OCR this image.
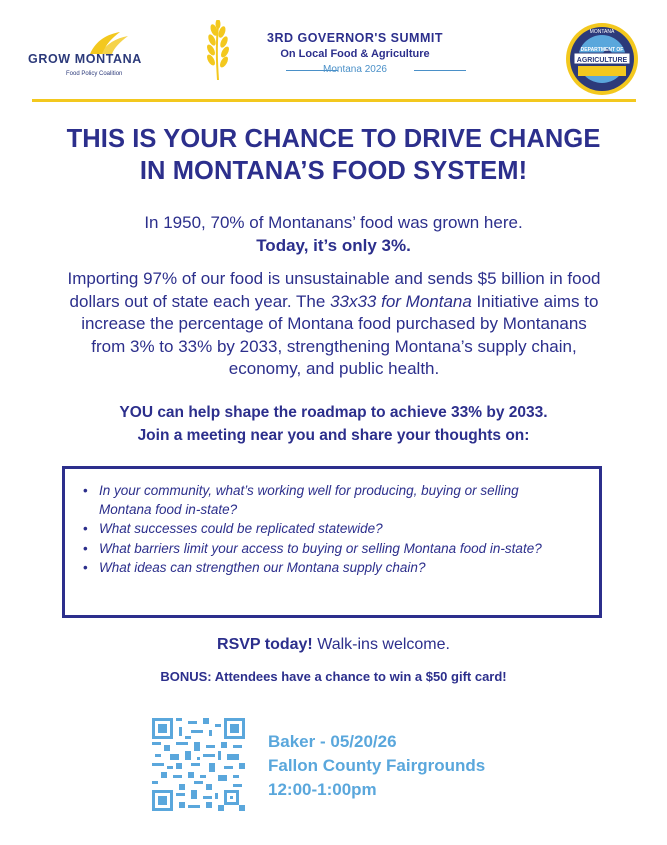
GROW MONTANA
Food Policy Coalition
3RD GOVERNOR'S SUMMIT
On Local Food & Agriculture
Montana 2026
MONTANA
DEPARTMENT OF
AGRICULTURE
THIS IS YOUR CHANCE TO DRIVE CHANGE
IN MONTANA’S FOOD SYSTEM!
In 1950, 70% of Montanans’ food was grown here.
Today, it’s only 3%.
Importing 97% of our food is unsustainable and sends $5 billion in food
dollars out of state each year. The 33x33 for Montana Initiative aims to
increase the percentage of Montana food purchased by Montanans
from 3% to 33% by 2033, strengthening Montana’s supply chain,
economy, and public health.
YOU can help shape the roadmap to achieve 33% by 2033.
Join a meeting near you and share your thoughts on:
• In your community, what’s working well for producing, buying or selling Montana food in-state?
• What successes could be replicated statewide?
• What barriers limit your access to buying or selling Montana food in-state?
• What ideas can strengthen our Montana supply chain?
RSVP today! Walk-ins welcome.
BONUS: Attendees have a chance to win a $50 gift card!
Baker - 05/20/26
Fallon County Fairgrounds
12:00-1:00pm
